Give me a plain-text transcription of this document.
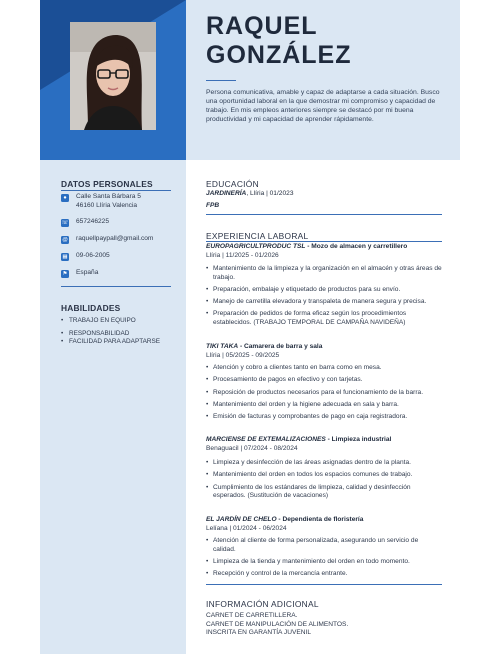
RAQUEL
GONZÁLEZ
Persona comunicativa, amable y capaz de adaptarse a cada situación. Busco una oportunidad laboral en la que demostrar mi compromiso y capacidad de trabajo. En mis empleos anteriores siempre se destacó por mi buena productividad y mi capacidad de aprender rápidamente.
DATOS PERSONALES
●	Calle Santa Bárbara 5
46160 Llíria Valencia
☏ 657246225
@ raquellpaypall@gmail.com
▦ 09-06-2005
⚑ España
HABILIDADES
• TRABAJO EN EQUIPO
• RESPONSABILIDAD
• FACILIDAD PARA ADAPTARSE
EDUCACIÓN
JARDINERÍA, Llíria | 01/2023
FPB
EXPERIENCIA LABORAL
EUROPAGRICULTPRODUC TSL - Mozo de almacen y carretillero
Llíria | 11/2025 - 01/2026
• Mantenimiento de la limpieza y la organización en el almacén y otras áreas de trabajo.
• Preparación, embalaje y etiquetado de productos para su envío.
• Manejo de carretilla elevadora y transpaleta de manera segura y precisa.
• Preparación de pedidos de forma eficaz según los procedimientos establecidos. (TRABAJO TEMPORAL DE CAMPAÑA NAVIDEÑA)
TIKI TAKA - Camarera de barra y sala
Llíria | 05/2025 - 09/2025
• Atención y cobro a clientes tanto en barra como en mesa.
• Procesamiento de pagos en efectivo y con tarjetas.
• Reposición de productos necesarios para el funcionamiento de la barra.
• Mantenimiento del orden y la higiene adecuada en sala y barra.
• Emisión de facturas y comprobantes de pago en caja registradora.
MARCIENSE DE EXTEMALIZACIONES - Limpieza industrial
Benaguacil | 07/2024 - 08/2024
• Limpieza y desinfección de las áreas asignadas dentro de la planta.
• Mantenimiento del orden en todos los espacios comunes de trabajo.
• Cumplimiento de los estándares de limpieza, calidad y desinfección esperados. (Sustitución de vacaciones)
EL JARDÍN DE CHELO - Dependienta de floristería
Lelíana | 01/2024 - 06/2024
• Atención al cliente de forma personalizada, asegurando un servicio de calidad.
• Limpieza de la tienda y mantenimiento del orden en todo momento.
• Recepción y control de la mercancía entrante.
INFORMACIÓN ADICIONAL
CARNET DE CARRETILLERA.
CARNET DE MANIPULACIÓN DE ALIMENTOS.
INSCRITA EN GARANTÍA JUVENIL
